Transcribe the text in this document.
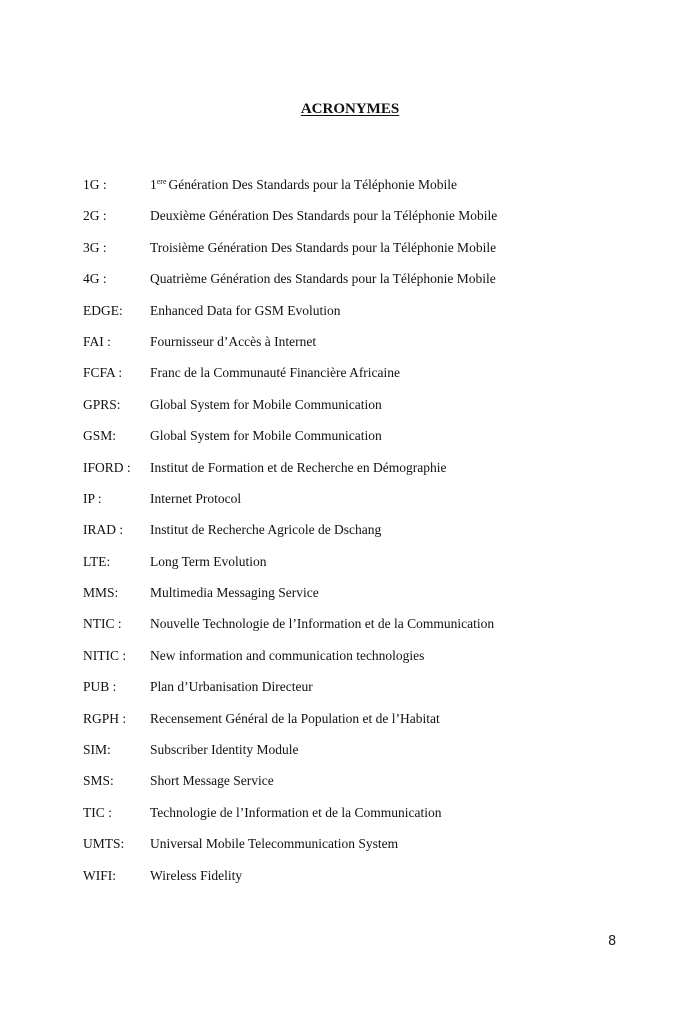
ACRONYMES
1G :	1ere Génération Des Standards pour la Téléphonie Mobile
2G :	Deuxième Génération Des Standards pour la Téléphonie Mobile
3G :	Troisième Génération Des Standards pour la Téléphonie Mobile
4G :	Quatrième Génération des Standards pour la Téléphonie Mobile
EDGE:	Enhanced Data for GSM Evolution
FAI :	Fournisseur d’Accès à Internet
FCFA :	Franc de la Communauté Financière Africaine
GPRS:	Global System for Mobile Communication
GSM:	Global System for Mobile Communication
IFORD :	Institut de Formation et de Recherche en Démographie
IP :	Internet Protocol
IRAD :	Institut de Recherche Agricole de Dschang
LTE:	Long Term Evolution
MMS:	Multimedia Messaging Service
NTIC :	Nouvelle Technologie de l’Information et de la Communication
NITIC :	New information and communication technologies
PUB :	Plan d’Urbanisation Directeur
RGPH :	Recensement Général de la Population et de l’Habitat
SIM:	Subscriber Identity Module
SMS:	Short Message Service
TIC :	Technologie de l’Information et de la Communication
UMTS:	Universal Mobile Telecommunication System
WIFI:	Wireless Fidelity
8
